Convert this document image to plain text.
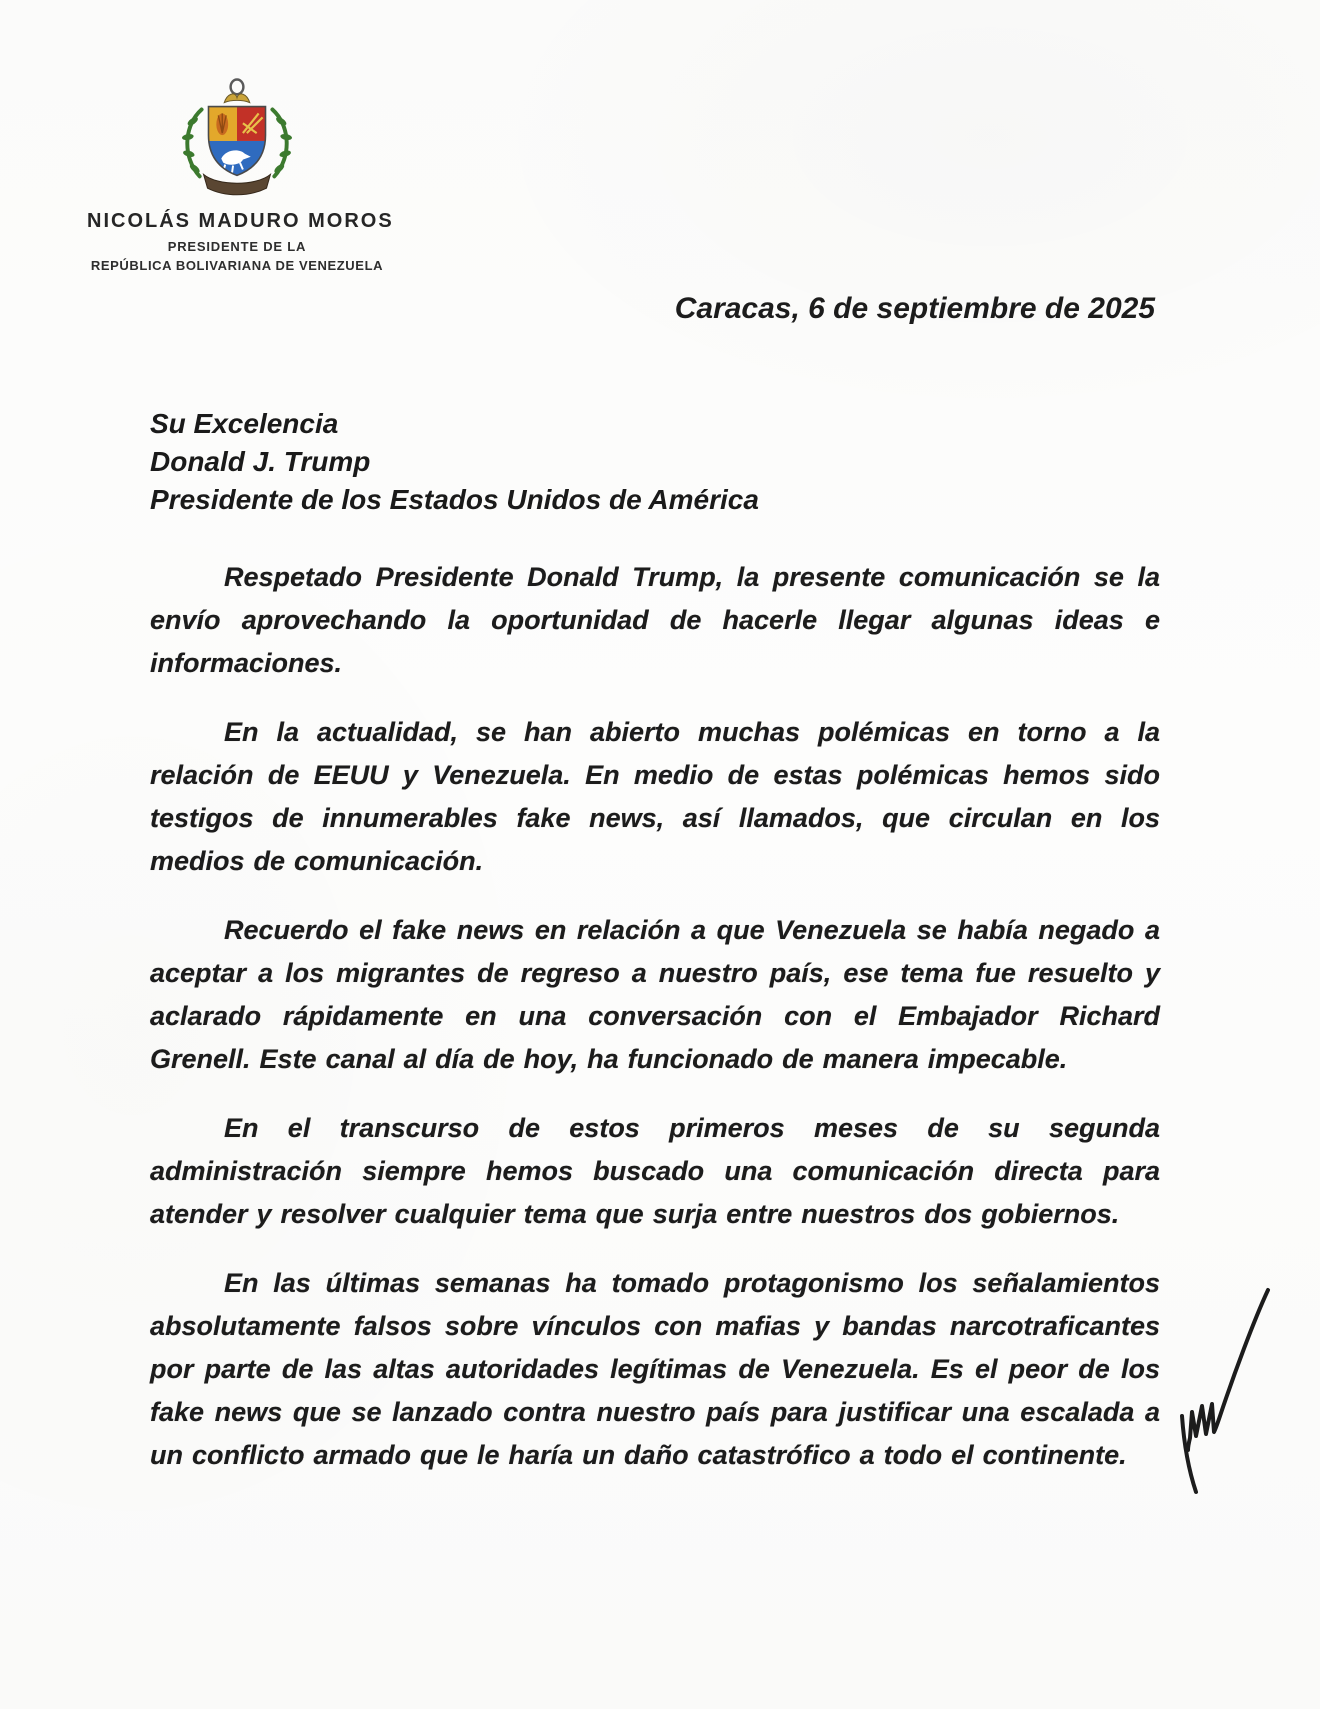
NICOLÁS MADURO MOROS
PRESIDENTE DE LA
REPÚBLICA BOLIVARIANA DE VENEZUELA
Caracas, 6 de septiembre de 2025
Su Excelencia
Donald J. Trump
Presidente de los Estados Unidos de América

Respetado Presidente Donald Trump, la presente comunicación se la envío aprovechando la oportunidad de hacerle llegar algunas ideas e informaciones.

En la actualidad, se han abierto muchas polémicas en torno a la relación de EEUU y Venezuela. En medio de estas polémicas hemos sido testigos de innumerables fake news, así llamados, que circulan en los medios de comunicación.

Recuerdo el fake news en relación a que Venezuela se había negado a aceptar a los migrantes de regreso a nuestro país, ese tema fue resuelto y aclarado rápidamente en una conversación con el Embajador Richard Grenell. Este canal al día de hoy, ha funcionado de manera impecable.

En el transcurso de estos primeros meses de su segunda administración siempre hemos buscado una comunicación directa para atender y resolver cualquier tema que surja entre nuestros dos gobiernos.

En las últimas semanas ha tomado protagonismo los señalamientos absolutamente falsos sobre vínculos con mafias y bandas narcotraficantes por parte de las altas autoridades legítimas de Venezuela. Es el peor de los fake news que se lanzado contra nuestro país para justificar una escalada a un conflicto armado que le haría un daño catastrófico a todo el continente.
